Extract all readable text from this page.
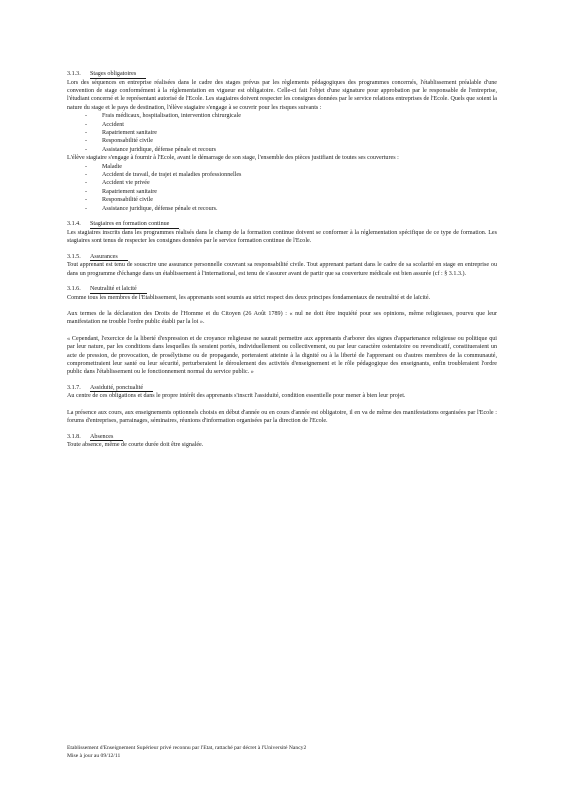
3.1.3. Stages obligatoires

Lors des séquences en entreprise réalisées dans le cadre des stages prévus par les règlements pédagogiques des programmes concernés, l'établissement préalable d'une convention de stage conformément à la réglementation en vigueur est obligatoire. Celle-ci fait l'objet d'une signature pour approbation par le responsable de l'entreprise, l'étudiant concerné et le représentant autorisé de l'Ecole. Les stagiaires doivent respecter les consignes données par le service relations entreprises de l'Ecole. Quels que soient la nature du stage et le pays de destination, l'élève stagiaire s'engage à se couvrir pour les risques suivants :

- Frais médicaux, hospitalisation, intervention chirurgicale
- Accident
- Rapatriement sanitaire
- Responsabilité civile
- Assistance juridique, défense pénale et recours

L'élève stagiaire s'engage à fournir à l'Ecole, avant le démarrage de son stage, l'ensemble des pièces justifiant de toutes ses couvertures :

- Maladie
- Accident de travail, de trajet et maladies professionnelles
- Accident vie privée
- Rapatriement sanitaire
- Responsabilité civile
- Assistance juridique, défense pénale et recours.
3.1.4. Stagiaires en formation continue

Les stagiaires inscrits dans les programmes réalisés dans le champ de la formation continue doivent se conformer à la réglementation spécifique de ce type de formation. Les stagiaires sont tenus de respecter les consignes données par le service formation continue de l'Ecole.

3.1.5. Assurances

Tout apprenant est tenu de souscrire une assurance personnelle couvrant sa responsabilité civile. Tout apprenant partant dans le cadre de sa scolarité en stage en entreprise ou dans un programme d'échange dans un établissement à l'international, est tenu de s'assurer avant de partir que sa couverture médicale est bien assurée (cf : § 3.1.3.).

3.1.6. Neutralité et laïcité

Comme tous les membres de l'Etablissement, les apprenants sont soumis au strict respect des deux principes fondamentaux de neutralité et de laïcité.

Aux termes de la déclaration des Droits de l'Homme et du Citoyen (26 Août 1789) : « nul ne doit être inquiété pour ses opinions, même religieuses, pourvu que leur manifestation ne trouble l'ordre public établi par la loi ».

« Cependant, l'exercice de la liberté d'expression et de croyance religieuse ne saurait permettre aux apprenants d'arborer des signes d'appartenance religieuse ou politique qui par leur nature, par les conditions dans lesquelles ils seraient portés, individuellement ou collectivement, ou par leur caractère ostentatoire ou revendicatif, constitueraient un acte de pression, de provocation, de prosélytisme ou de propagande, porteraient atteinte à la dignité ou à la liberté de l'apprenant ou d'autres membres de la communauté, compromettraient leur santé ou leur sécurité, perturberaient le déroulement des activités d'enseignement et le rôle pédagogique des enseignants, enfin troubleraient l'ordre public dans l'établissement ou le fonctionnement normal du service public. »

3.1.7. Assiduité, ponctualité

Au centre de ces obligations et dans le propre intérêt des apprenants s'inscrit l'assiduité, condition essentielle pour mener à bien leur projet.

La présence aux cours, aux enseignements optionnels choisis en début d'année ou en cours d'année est obligatoire, il en va de même des manifestations organisées par l'Ecole : forums d'entreprises, parrainages, séminaires, réunions d'information organisées par la direction de l'Ecole.

3.1.8. Absences

Toute absence, même de courte durée doit être signalée.

Etablissement d'Enseignement Supérieur privé reconnu par l'Etat, rattaché par décret à l'Université Nancy2
Mise à jour au 09/12/11
